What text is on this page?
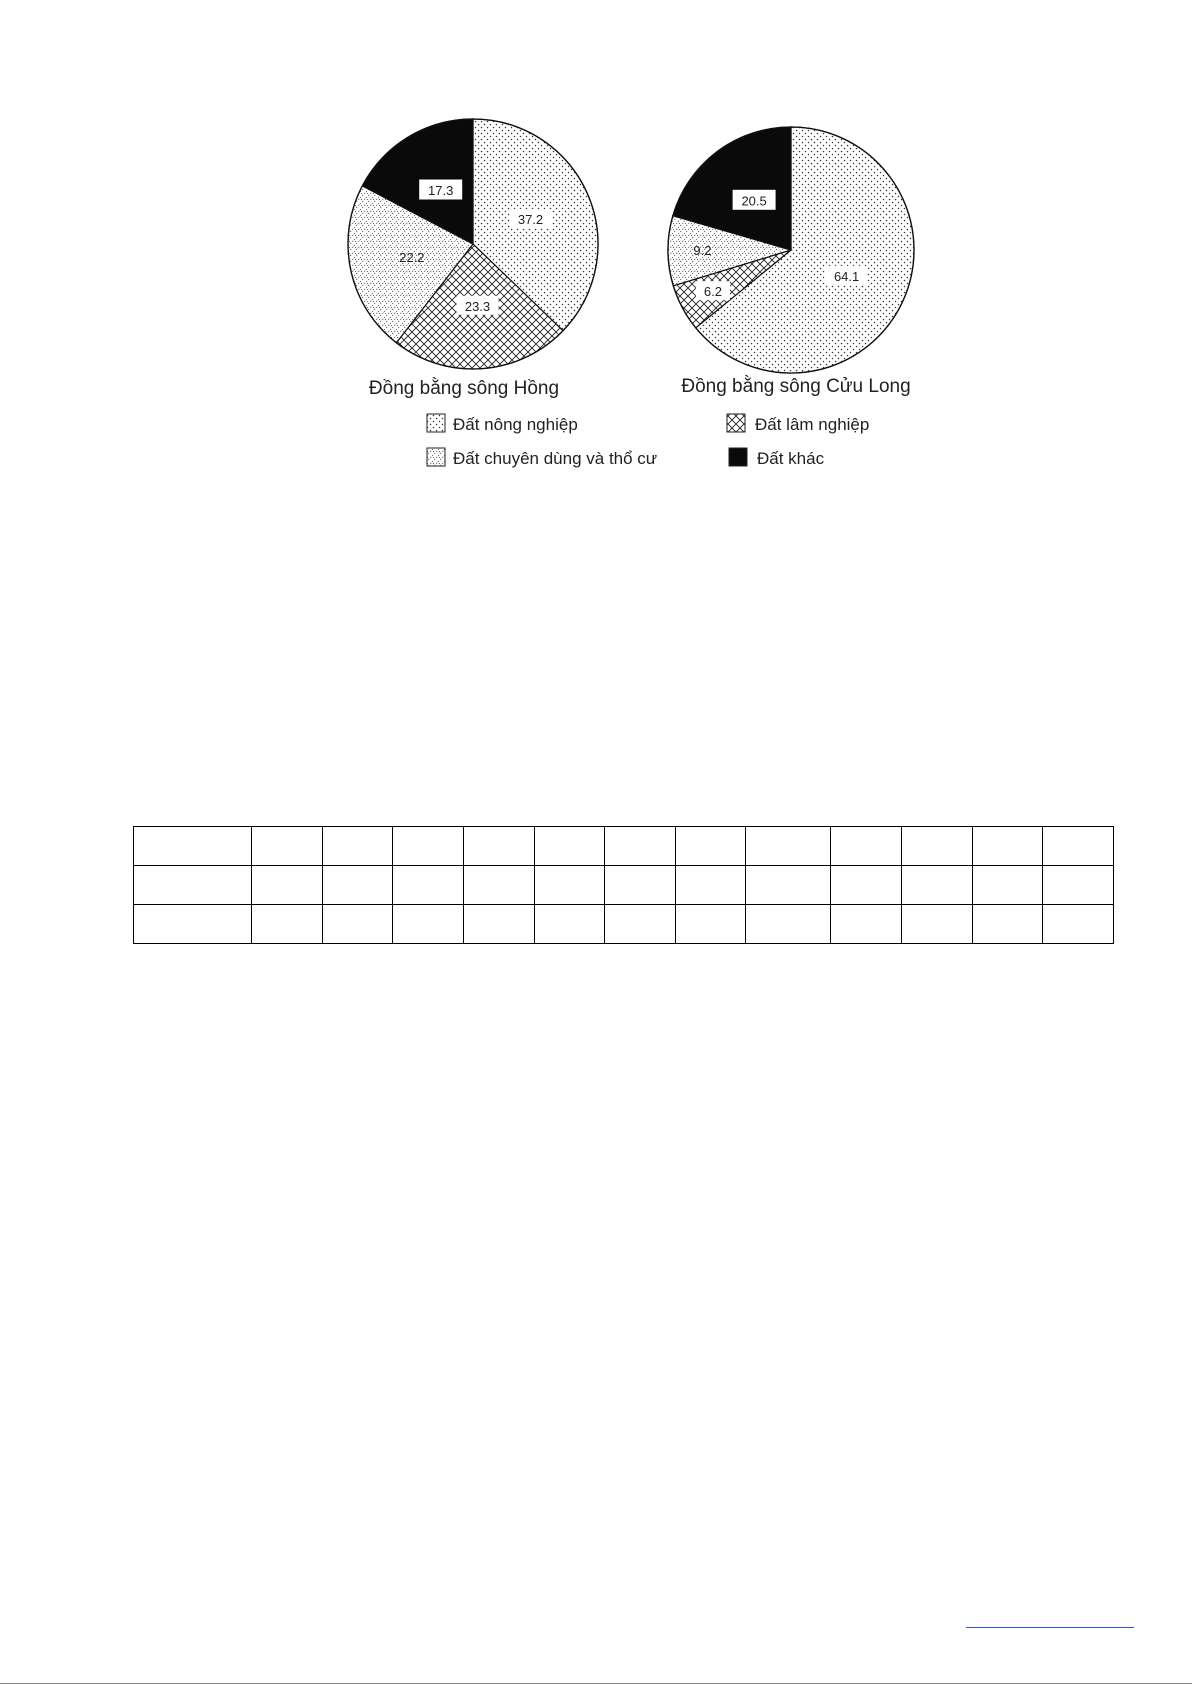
37.2
23.3
22.2
17.3
64.1
6.2
9.2
20.5
Đồng bằng sông Hồng	Đồng bằng sông Cửu Long
Đất nông nghiệp	Đất lâm nghiệp
Đất chuyên dùng và thổ cư	Đất khác
